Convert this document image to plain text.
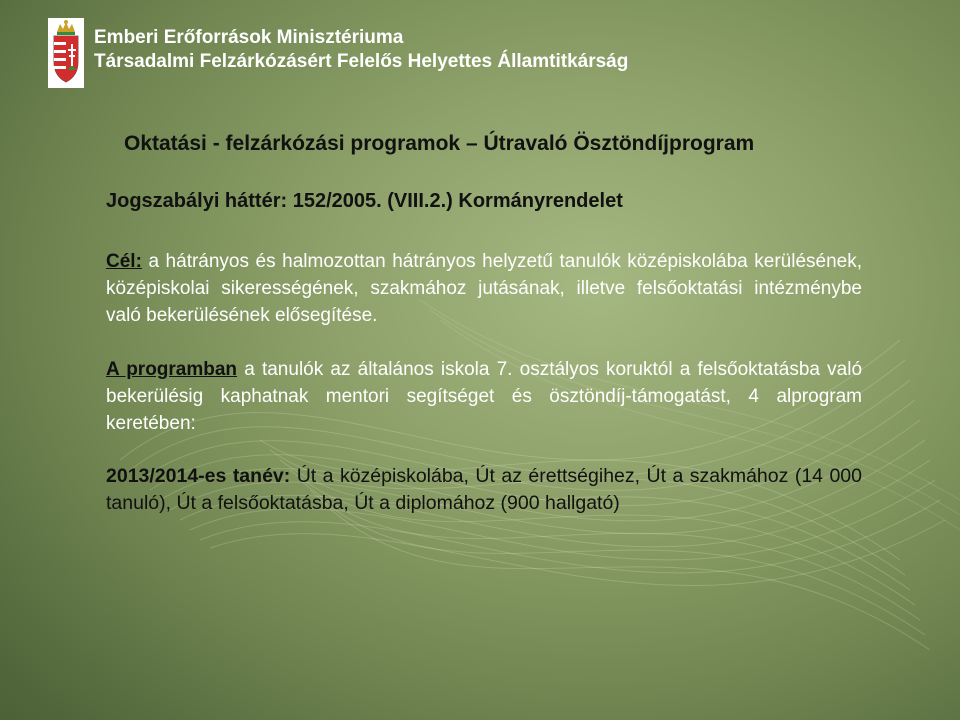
Emberi Erőforrások Minisztériuma
Társadalmi Felzárkózásért Felelős Helyettes Államtitkárság
Oktatási - felzárkózási programok – Útravaló Ösztöndíjprogram
Jogszabályi háttér: 152/2005. (VIII.2.) Kormányrendelet
Cél: a hátrányos és halmozottan hátrányos helyzetű tanulók középiskolába kerülésének, középiskolai sikerességének, szakmához jutásának, illetve felsőoktatási intézménybe való bekerülésének elősegítése.
A programban a tanulók az általános iskola 7. osztályos koruktól a felsőoktatásba való bekerülésig kaphatnak mentori segítséget és ösztöndíj-támogatást, 4 alprogram keretében:
2013/2014-es tanév: Út a középiskolába, Út az érettségihez, Út a szakmához (14 000 tanuló), Út a felsőoktatásba, Út a diplomához (900 hallgató)
